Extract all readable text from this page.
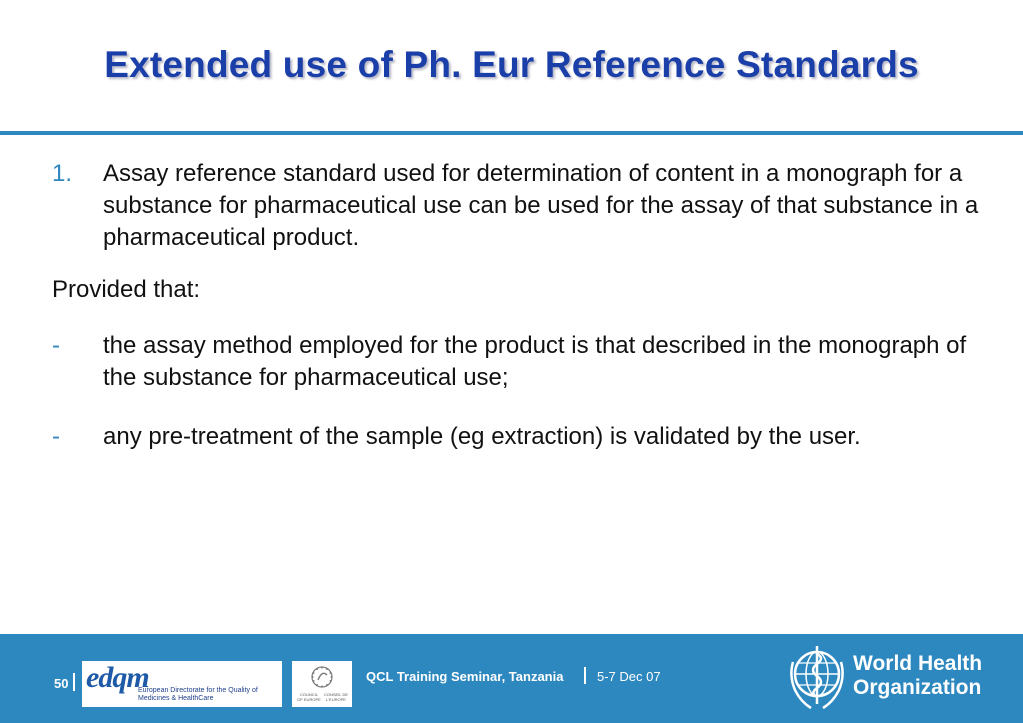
Extended use of Ph. Eur Reference Standards
1. Assay reference standard used for determination of content in a monograph for a substance for pharmaceutical use can be used for the assay of that substance in a pharmaceutical product.
Provided that:
- the assay method employed for the product is that described in the monograph of the substance for pharmaceutical use;
- any pre-treatment of the sample (eg extraction) is validated by the user.
50 edqm
European Directorate for the Quality of Medicines & HealthCare
COUNCIL OF EUROPE
CONSEIL DE L'EUROPE
QCL Training Seminar, Tanzania	5-7 Dec 07
World Health
Organization
